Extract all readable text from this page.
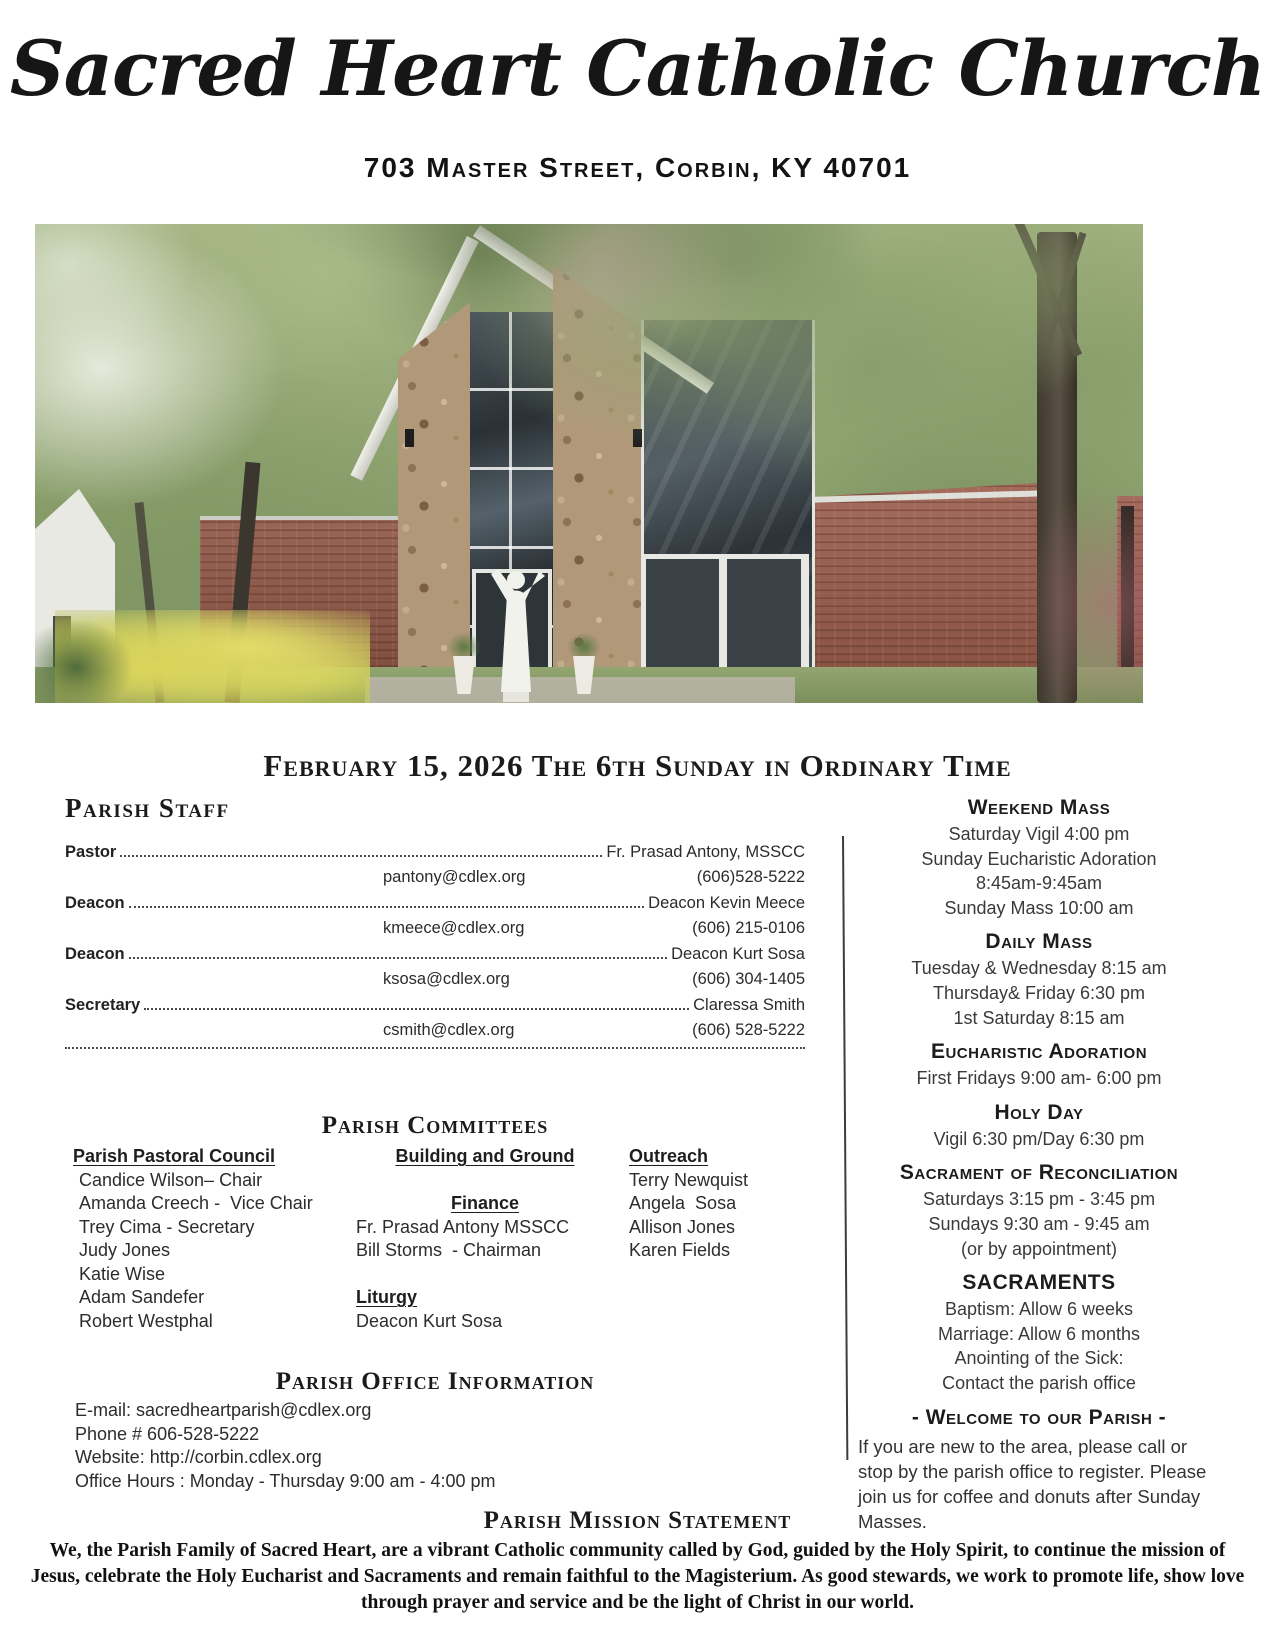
Sacred Heart Catholic Church
703 Master Street, Corbin, KY 40701
February 15, 2026 The 6th Sunday in Ordinary Time
Parish Staff
Pastor	Fr. Prasad Antony, MSSCC
pantony@cdlex.org	(606)528-5222
Deacon	Deacon Kevin Meece
kmeece@cdlex.org	(606) 215-0106
Deacon	Deacon Kurt Sosa
ksosa@cdlex.org	(606) 304-1405
Secretary	Claressa Smith
csmith@cdlex.org	(606) 528-5222
Parish Committees
Parish Pastoral Council
Candice Wilson– Chair
Amanda Creech -  Vice Chair
Trey Cima - Secretary
Judy Jones
Katie Wise
Adam Sandefer
Robert Westphal
Building and Ground

Finance
Fr. Prasad Antony MSSCC
Bill Storms  - Chairman

Liturgy
Deacon Kurt Sosa
Outreach
Terry Newquist
Angela  Sosa
Allison Jones
Karen Fields
Parish Office Information
E-mail: sacredheartparish@cdlex.org
Phone # 606-528-5222
Website: http://corbin.cdlex.org
Office Hours : Monday - Thursday 9:00 am - 4:00 pm
Weekend Mass
Saturday Vigil 4:00 pm
Sunday Eucharistic Adoration
8:45am-9:45am
Sunday Mass 10:00 am
Daily Mass
Tuesday & Wednesday 8:15 am
Thursday& Friday 6:30 pm
1st Saturday 8:15 am
Eucharistic Adoration
First Fridays 9:00 am- 6:00 pm
Holy Day
Vigil 6:30 pm/Day 6:30 pm
Sacrament of Reconciliation
Saturdays 3:15 pm - 3:45 pm
Sundays 9:30 am - 9:45 am
(or by appointment)
SACRAMENTS
Baptism: Allow 6 weeks
Marriage: Allow 6 months
Anointing of the Sick:
Contact the parish office
- Welcome to our Parish -

If you are new to the area, please call or stop by the parish office to register. Please join us for coffee and donuts after Sunday Masses.

Parish Mission Statement

We, the Parish Family of Sacred Heart, are a vibrant Catholic community called by God, guided by the Holy Spirit, to continue the mission of Jesus, celebrate the Holy Eucharist and Sacraments and remain faithful to the Magisterium. As good stewards, we work to promote life, show love through prayer and service and be the light of Christ in our world.
